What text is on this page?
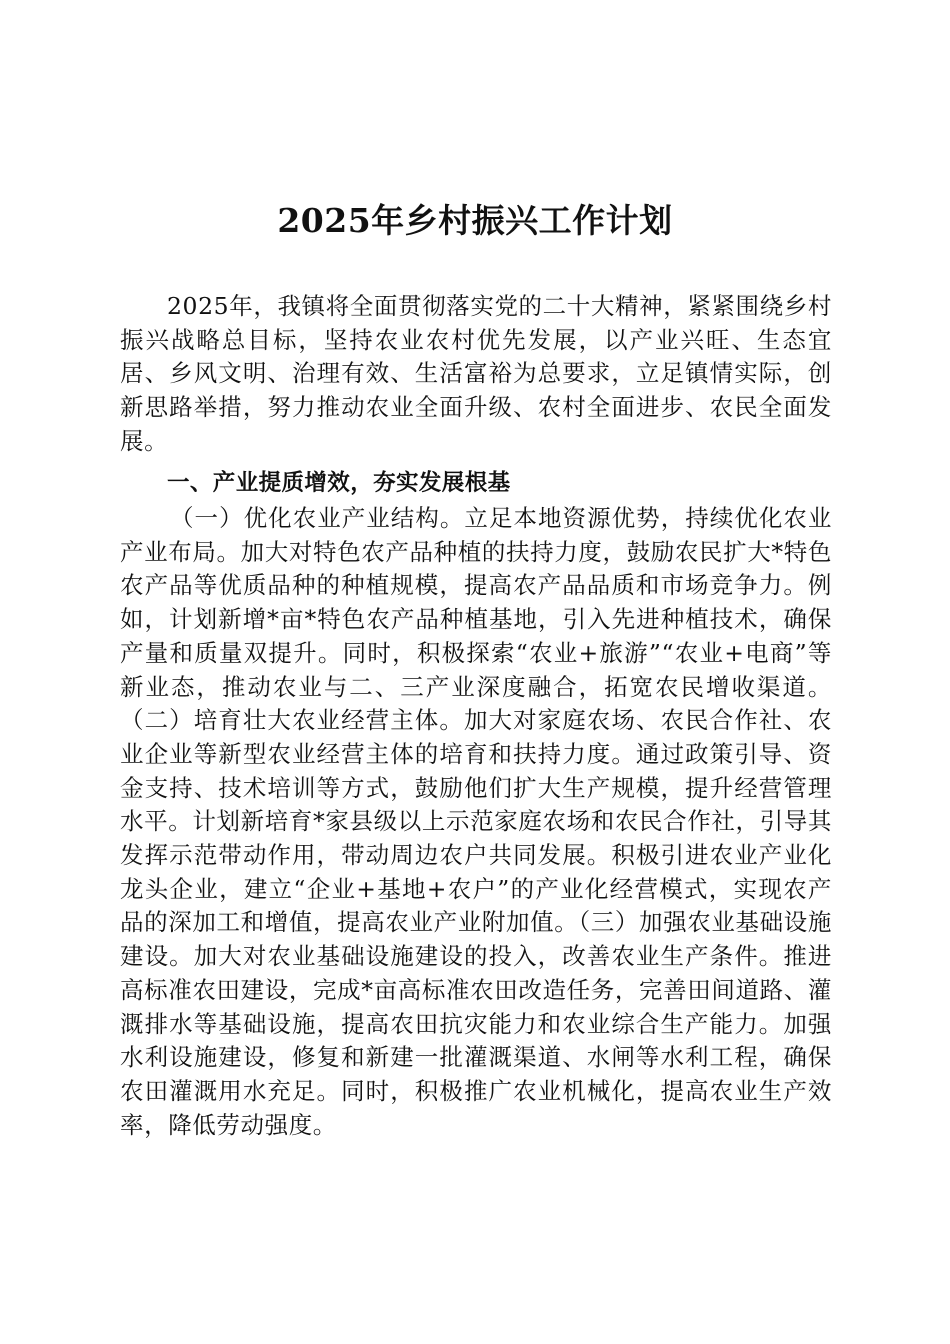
2025年乡村振兴工作计划

2025年，我镇将全面贯彻落实党的二十大精神，紧紧围绕乡村振兴战略总目标，坚持农业农村优先发展，以产业兴旺、生态宜居、乡风文明、治理有效、生活富裕为总要求，立足镇情实际，创新思路举措，努力推动农业全面升级、农村全面进步、农民全面发展。

一、产业提质增效，夯实发展根基

（一）优化农业产业结构。立足本地资源优势，持续优化农业产业布局。加大对特色农产品种植的扶持力度，鼓励农民扩大*特色农产品等优质品种的种植规模，提高农产品品质和市场竞争力。例如，计划新增*亩*特色农产品种植基地，引入先进种植技术，确保产量和质量双提升。同时，积极探索“农业+旅游”“农业+电商”等新业态，推动农业与二、三产业深度融合，拓宽农民增收渠道。（二）培育壮大农业经营主体。加大对家庭农场、农民合作社、农业企业等新型农业经营主体的培育和扶持力度。通过政策引导、资金支持、技术培训等方式，鼓励他们扩大生产规模，提升经营管理水平。计划新培育*家县级以上示范家庭农场和农民合作社，引导其发挥示范带动作用，带动周边农户共同发展。积极引进农业产业化龙头企业，建立“企业+基地+农户”的产业化经营模式，实现农产品的深加工和增值，提高农业产业附加值。（三）加强农业基础设施建设。加大对农业基础设施建设的投入，改善农业生产条件。推进高标准农田建设，完成*亩高标准农田改造任务，完善田间道路、灌溉排水等基础设施，提高农田抗灾能力和农业综合生产能力。加强水利设施建设，修复和新建一批灌溉渠道、水闸等水利工程，确保农田灌溉用水充足。同时，积极推广农业机械化，提高农业生产效率，降低劳动强度。
